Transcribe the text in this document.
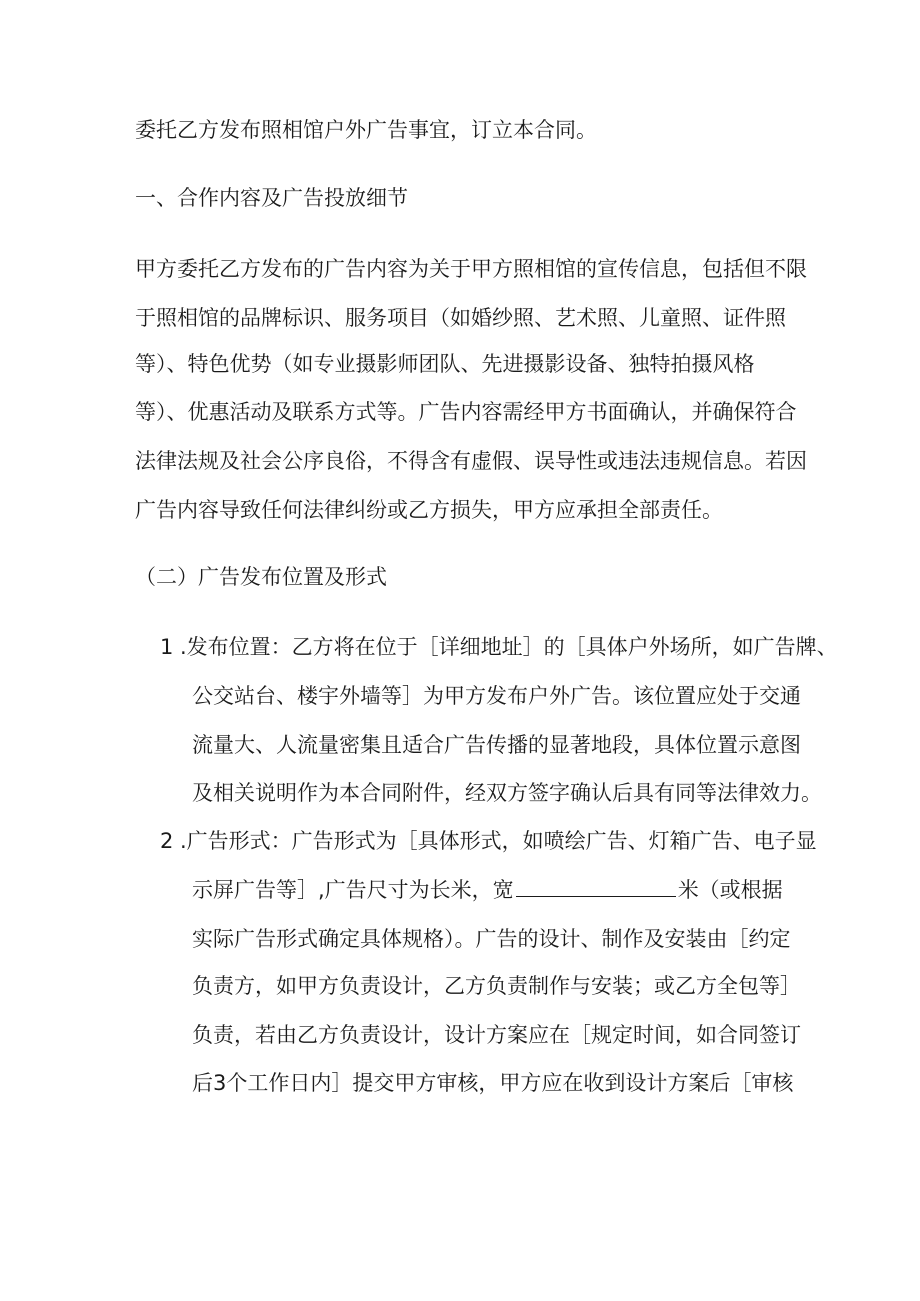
委托乙方发布照相馆户外广告事宜，订立本合同。
一、合作内容及广告投放细节
甲方委托乙方发布的广告内容为关于甲方照相馆的宣传信息，包括但不限
于照相馆的品牌标识、服务项目（如婚纱照、艺术照、儿童照、证件照
等）、特色优势（如专业摄影师团队、先进摄影设备、独特拍摄风格
等）、优惠活动及联系方式等。广告内容需经甲方书面确认，并确保符合
法律法规及社会公序良俗，不得含有虚假、误导性或违法违规信息。若因
广告内容导致任何法律纠纷或乙方损失，甲方应承担全部责任。
（二）广告发布位置及形式
1 .发布位置：乙方将在位于［详细地址］的［具体户外场所，如广告牌、
公交站台、楼宇外墙等］为甲方发布户外广告。该位置应处于交通
流量大、人流量密集且适合广告传播的显著地段，具体位置示意图
及相关说明作为本合同附件，经双方签字确认后具有同等法律效力。
2 .广告形式：广告形式为［具体形式，如喷绘广告、灯箱广告、电子显
示屏广告等］,广告尺寸为长米，宽	米（或根据
实际广告形式确定具体规格）。广告的设计、制作及安装由［约定
负责方，如甲方负责设计，乙方负责制作与安装；或乙方全包等］
负责，若由乙方负责设计，设计方案应在［规定时间，如合同签订
后3个工作日内］提交甲方审核，甲方应在收到设计方案后［审核
